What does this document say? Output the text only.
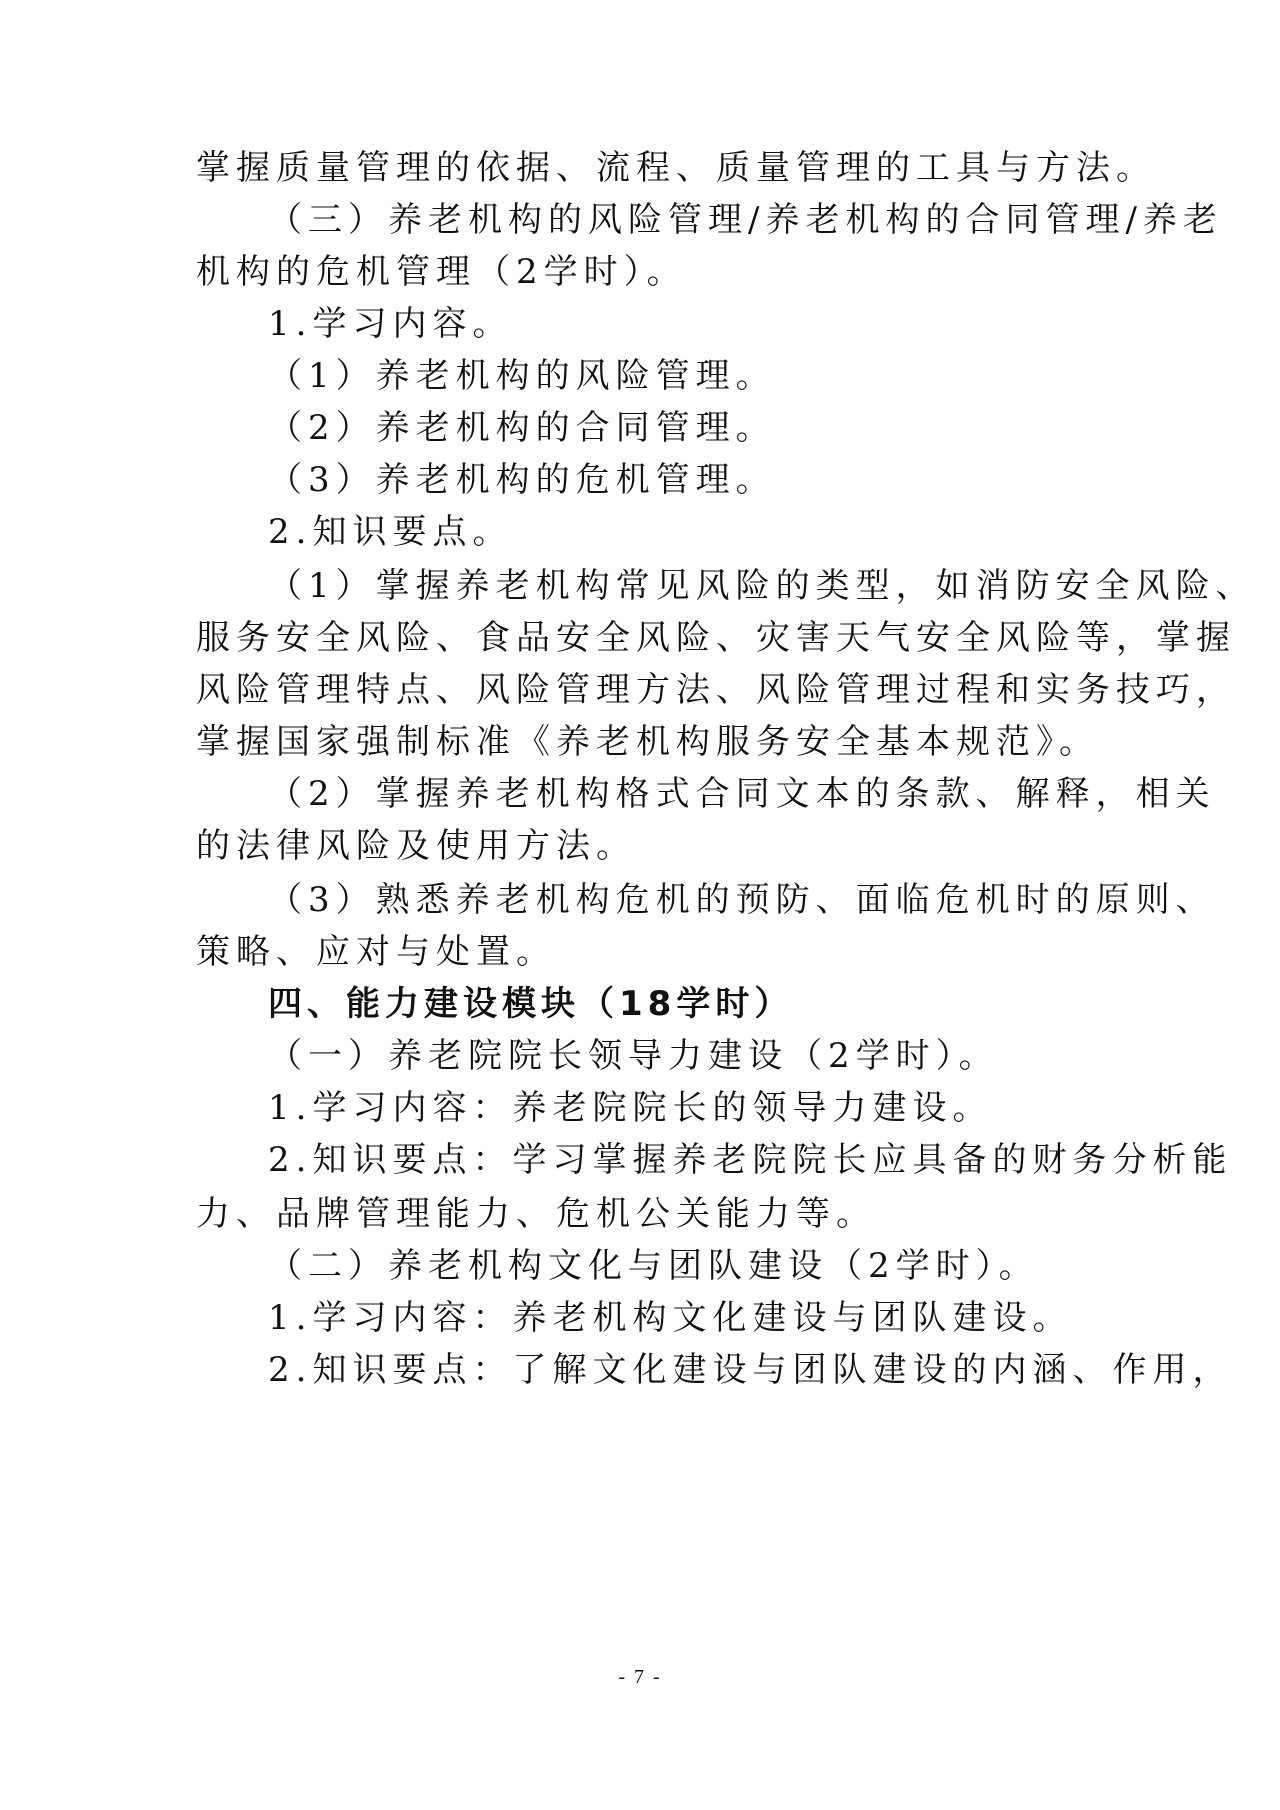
掌握质量管理的依据、流程、质量管理的工具与方法。
（三）养老机构的风险管理/养老机构的合同管理/养老
机构的危机管理（2学时）。
1.学习内容。
（1）养老机构的风险管理。
（2）养老机构的合同管理。
（3）养老机构的危机管理。
2.知识要点。
（1）掌握养老机构常见风险的类型，如消防安全风险、
服务安全风险、食品安全风险、灾害天气安全风险等，掌握
风险管理特点、风险管理方法、风险管理过程和实务技巧，
掌握国家强制标准《养老机构服务安全基本规范》。
（2）掌握养老机构格式合同文本的条款、解释，相关
的法律风险及使用方法。
（3）熟悉养老机构危机的预防、面临危机时的原则、
策略、应对与处置。
四、能力建设模块（18学时）
（一）养老院院长领导力建设（2学时）。
1.学习内容：养老院院长的领导力建设。
2.知识要点：学习掌握养老院院长应具备的财务分析能
力、品牌管理能力、危机公关能力等。
（二）养老机构文化与团队建设（2学时）。
1.学习内容：养老机构文化建设与团队建设。
2.知识要点：了解文化建设与团队建设的内涵、作用，
- 7 -
